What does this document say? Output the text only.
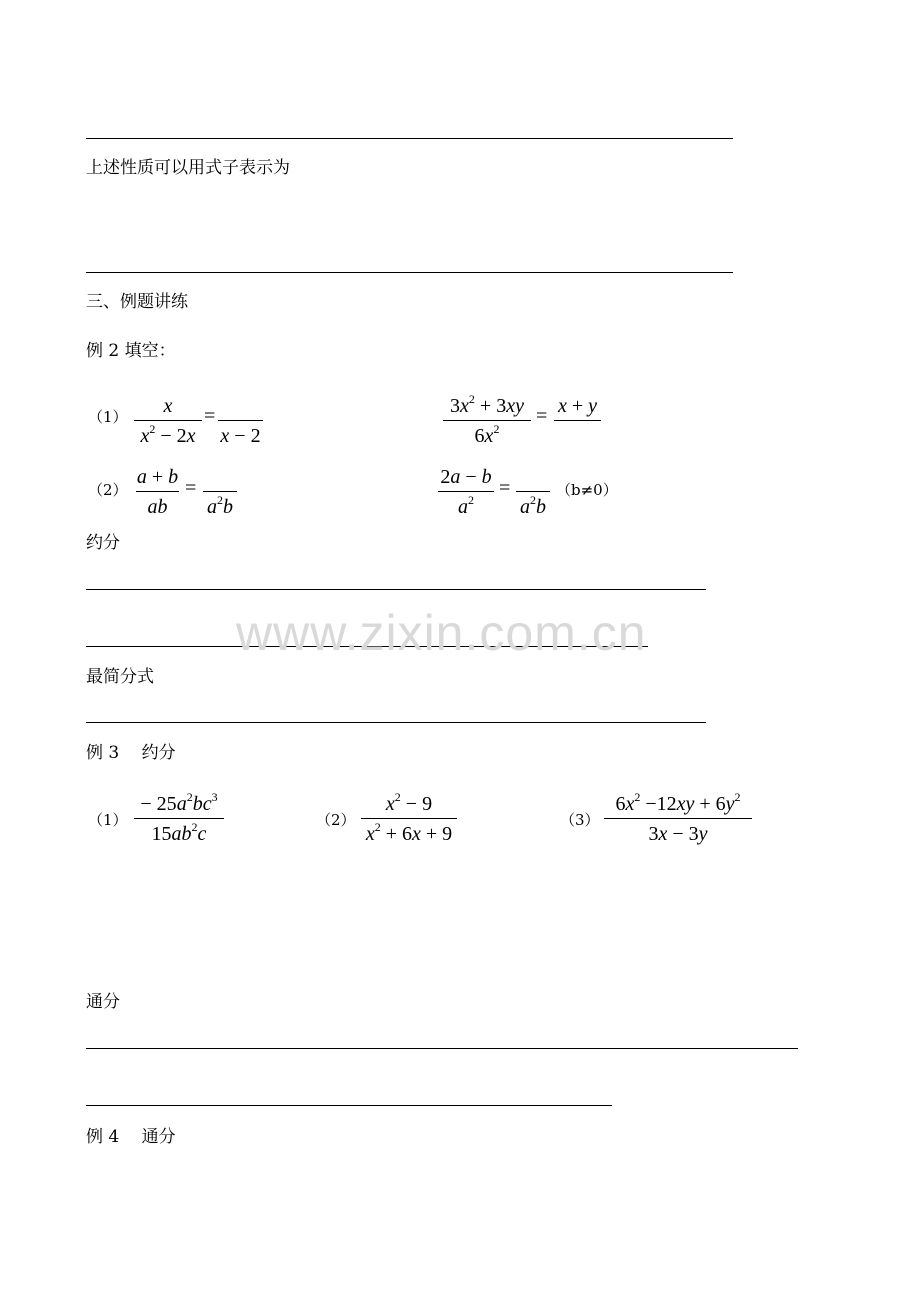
上述性质可以用式子表示为
三、例题讲练
例 2 填空：
（1）	x
$x^2 - 2x$
=

x − 2
$3x^2 + 3xy$
$6x^2$
= x + y

（2）
a + b
ab
=

$a^2b$
2a − b
$a^2$
=

$a^2b$
（b≠0）
约分
www.zixin.com.cn
最简分式
例 3　 约分
（1）
− $25a^2bc^3$
$15ab^2c$
（2）
$x^2 - 9$
$x^2 + 6x + 9$
（3）
$6x^2 -12xy + 6y^2$
3x − 3y
通分
例 4　 通分
